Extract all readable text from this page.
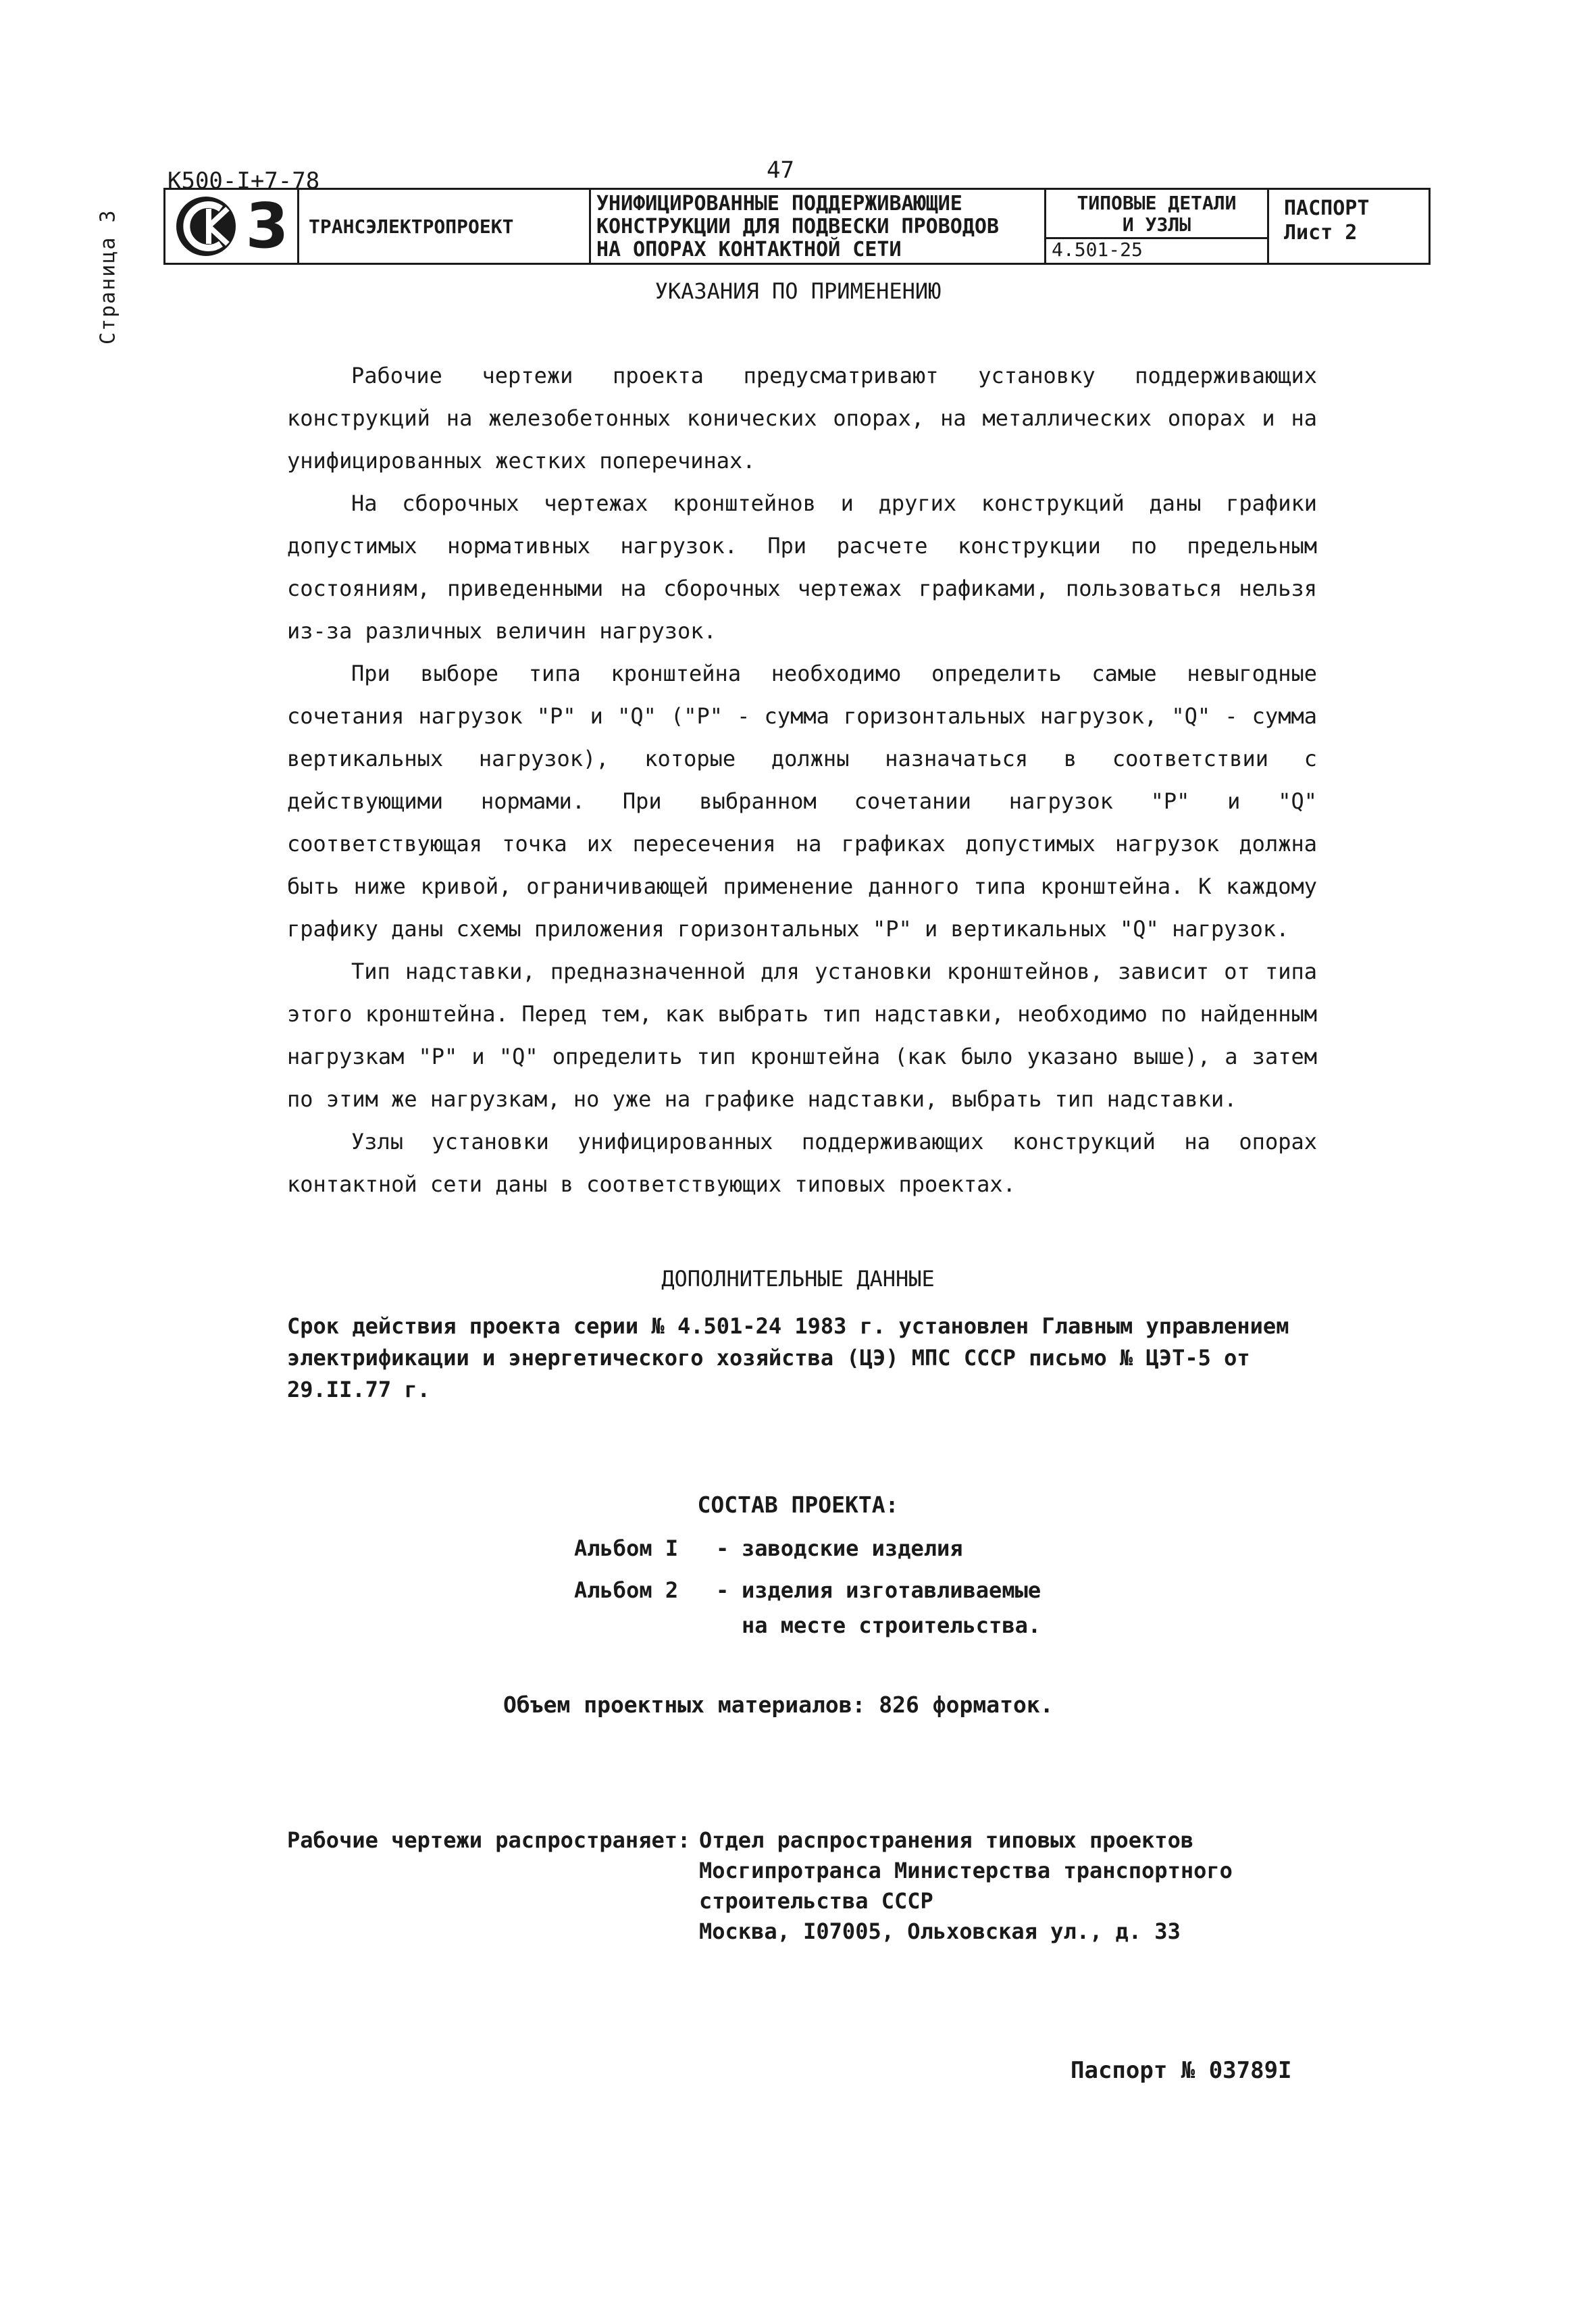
Страница 3
К500-I+7-78	47
3 ТРАНСЭЛЕКТРОПРОЕКТ
УНИФИЦИРОВАННЫЕ ПОДДЕРЖИВАЮЩИЕ
КОНСТРУКЦИИ ДЛЯ ПОДВЕСКИ ПРОВОДОВ
НА ОПОРАХ КОНТАКТНОЙ СЕТИ
ТИПОВЫЕ ДЕТАЛИ
И УЗЛЫ
4.501-25
ПАСПОРТ
Лист 2
УКАЗАНИЯ ПО ПРИМЕНЕНИЮ

Рабочие чертежи проекта предусматривают установку поддерживающих конструкций на железобетонных конических опорах, на металлических опорах и на унифицированных жестких поперечинах.

На сборочных чертежах кронштейнов и других конструкций даны графики допустимых нормативных нагрузок. При расчете конструкции по предельным состояниям, приведенными на сборочных чертежах графиками, пользоваться нельзя из-за различных величин нагрузок.

При выборе типа кронштейна необходимо определить самые невыгодные сочетания нагрузок "Р" и "Q" ("Р" - сумма горизонтальных нагрузок, "Q" - сумма вертикальных нагрузок), которые должны назначаться в соответствии с действующими нормами. При выбранном сочетании нагрузок "Р" и "Q" соответствующая точка их пересечения на графиках допустимых нагрузок должна быть ниже кривой, ограничивающей применение данного типа кронштейна. К каждому графику даны схемы приложения горизонтальных "Р" и вертикальных "Q" нагрузок.

Тип надставки, предназначенной для установки кронштейнов, зависит от типа этого кронштейна. Перед тем, как выбрать тип надставки, необходимо по найденным нагрузкам "Р" и "Q" определить тип кронштейна (как было указано выше), а затем по этим же нагрузкам, но уже на графике надставки, выбрать тип надставки.

Узлы установки унифицированных поддерживающих конструкций на опорах контактной сети даны в соответствующих типовых проектах.

ДОПОЛНИТЕЛЬНЫЕ ДАННЫЕ
Срок действия проекта серии № 4.501-24 1983 г. установлен Главным управлением электрификации и энергетического хозяйства (ЦЭ) МПС СССР письмо № ЦЭТ-5 от 29.II.77 г.
СОСТАВ ПРОЕКТА:
Альбом I	- заводские изделия
Альбом 2	- изделия изготавливаемые
на месте строительства.
Объем проектных материалов: 826 форматок.
Рабочие чертежи распространяет: Отдел распространения типовых проектов
Мосгипротранса Министерства транспортного
строительства СССР
Москва, I07005, Ольховская ул., д. 33
Паспорт № 03789I
